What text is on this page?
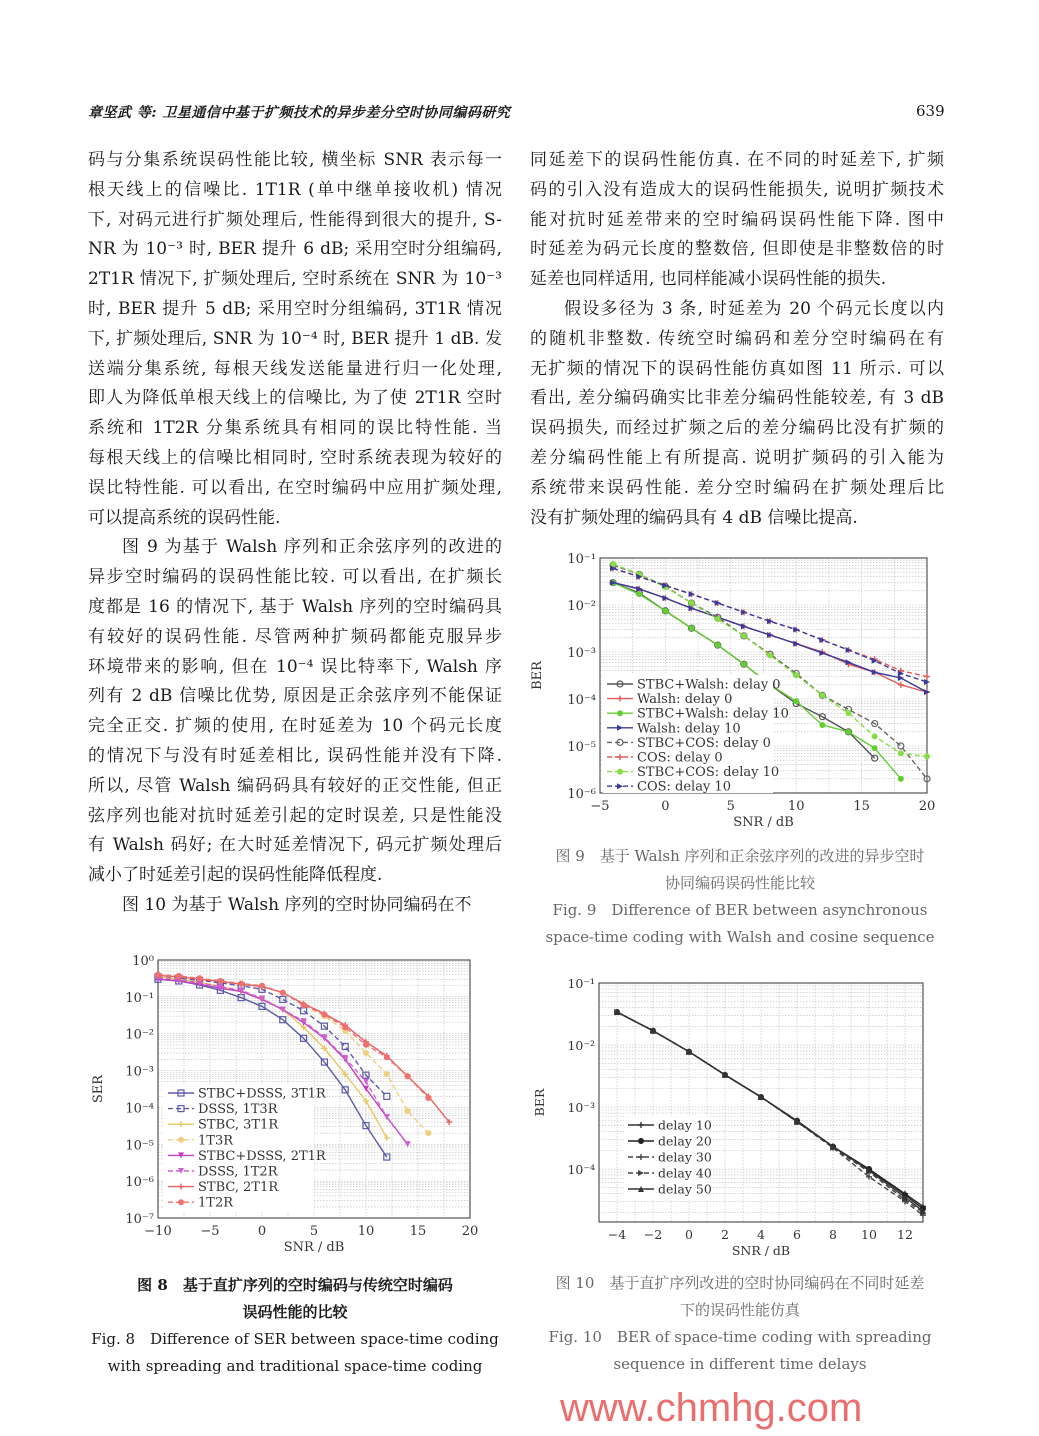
章坚武 等: 卫星通信中基于扩频技术的异步差分空时协同编码研究	639
码与分集系统误码性能比较, 横坐标 SNR 表示每一
根天线上的信噪比. 1T1R (单中继单接收机) 情况
下, 对码元进行扩频处理后, 性能得到很大的提升, S-
NR 为 10⁻³ 时, BER 提升 6 dB; 采用空时分组编码,
2T1R 情况下, 扩频处理后, 空时系统在 SNR 为 10⁻³
时, BER 提升 5 dB; 采用空时分组编码, 3T1R 情况
下, 扩频处理后, SNR 为 10⁻⁴ 时, BER 提升 1 dB. 发
送端分集系统, 每根天线发送能量进行归一化处理,
即人为降低单根天线上的信噪比, 为了使 2T1R 空时
系统和 1T2R 分集系统具有相同的误比特性能. 当
每根天线上的信噪比相同时, 空时系统表现为较好的
误比特性能. 可以看出, 在空时编码中应用扩频处理,
可以提高系统的误码性能.
图 9 为基于 Walsh 序列和正余弦序列的改进的
异步空时编码的误码性能比较. 可以看出, 在扩频长
度都是 16 的情况下, 基于 Walsh 序列的空时编码具
有较好的误码性能. 尽管两种扩频码都能克服异步
环境带来的影响, 但在 10⁻⁴ 误比特率下, Walsh 序
列有 2 dB 信噪比优势, 原因是正余弦序列不能保证
完全正交. 扩频的使用, 在时延差为 10 个码元长度
的情况下与没有时延差相比, 误码性能并没有下降.
所以, 尽管 Walsh 编码码具有较好的正交性能, 但正
弦序列也能对抗时延差引起的定时误差, 只是性能没
有 Walsh 码好; 在大时延差情况下, 码元扩频处理后
减小了时延差引起的误码性能降低程度.
图 10 为基于 Walsh 序列的空时协同编码在不
同延差下的误码性能仿真. 在不同的时延差下, 扩频
码的引入没有造成大的误码性能损失, 说明扩频技术
能对抗时延差带来的空时编码误码性能下降. 图中
时延差为码元长度的整数倍, 但即使是非整数倍的时
延差也同样适用, 也同样能减小误码性能的损失.
假设多径为 3 条, 时延差为 20 个码元长度以内
的随机非整数. 传统空时编码和差分空时编码在有
无扩频的情况下的误码性能仿真如图 11 所示. 可以
看出, 差分编码确实比非差分编码性能较差, 有 3 dB
误码损失, 而经过扩频之后的差分编码比没有扩频的
差分编码性能上有所提高. 说明扩频码的引入能为
系统带来误码性能. 差分空时编码在扩频处理后比
没有扩频处理的编码具有 4 dB 信噪比提高.
−5	0	5	10	15	20
10⁻⁶
10⁻⁵
10⁻⁴
10⁻³
10⁻²
10⁻¹
SNR / dB
BER	STBC+Walsh: delay 0
Walsh: delay 0
STBC+Walsh: delay 10
Walsh: delay 10
STBC+COS: delay 0
COS: delay 0
STBC+COS: delay 10
COS: delay 10
−10 −5	0	5	10	15	20
10⁻⁷
10⁻⁶
10⁻⁵
10⁻⁴
10⁻³
10⁻²
10⁻¹
10⁰
SNR / dB
SER	STBC+DSSS, 3T1R
DSSS, 1T3R
STBC, 3T1R
1T3R
STBC+DSSS, 2T1R
DSSS, 1T2R
STBC, 2T1R
1T2R
−4 −2 0 2 4 6 8 10 12
10⁻⁴
10⁻³
10⁻²
10⁻¹
SNR / dB
BER
delay 10
delay 20
delay 30
delay 40
delay 50
图 9　基于 Walsh 序列和正余弦序列的改进的异步空时
协同编码误码性能比较
Fig. 9　Difference of BER between asynchronous
space-time coding with Walsh and cosine sequence
图 8　基于直扩序列的空时编码与传统空时编码
误码性能的比较
Fig. 8　Difference of SER between space-time coding
with spreading and traditional space-time coding
图 10　基于直扩序列改进的空时协同编码在不同时延差
下的误码性能仿真
Fig. 10　BER of space-time coding with spreading
sequence in different time delays
www.chmhg.com
